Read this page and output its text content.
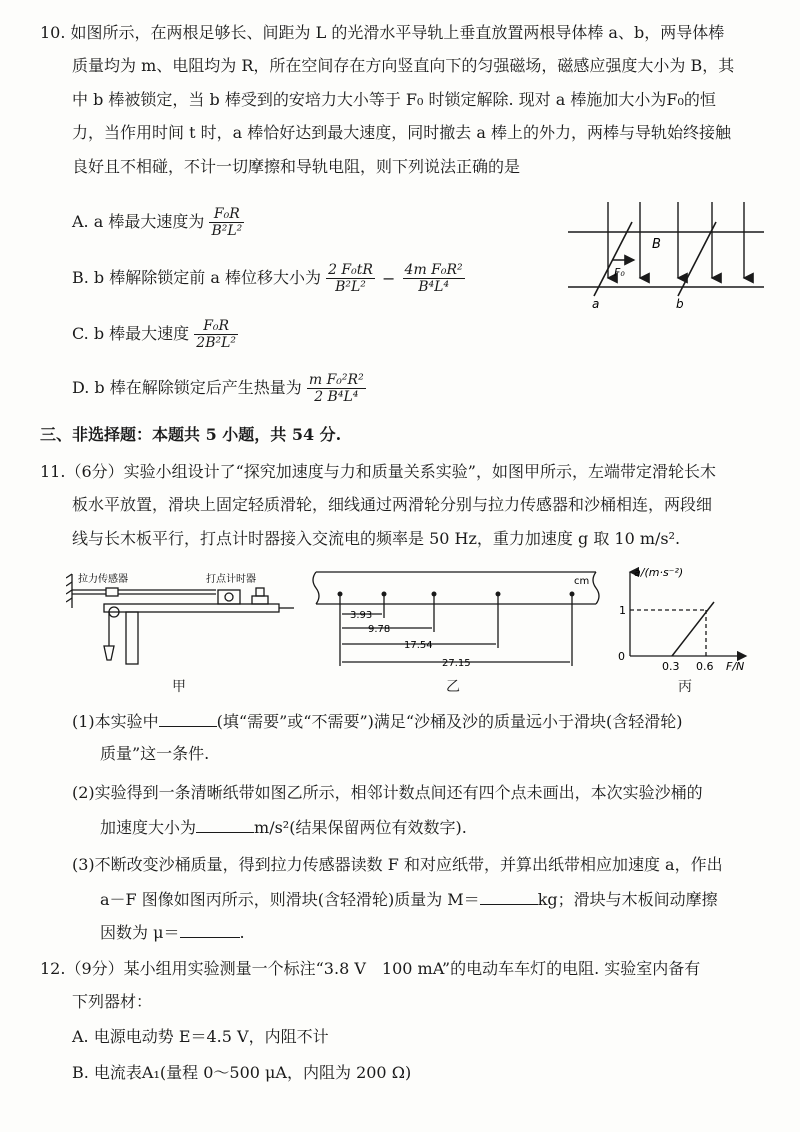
10. 如图所示，在两根足够长、间距为 L 的光滑水平导轨上垂直放置两根导体棒 a、b，两导体棒
质量均为 m、电阻均为 R，所在空间存在方向竖直向下的匀强磁场，磁感应强度大小为 B，其
中 b 棒被锁定，当 b 棒受到的安培力大小等于 F₀ 时锁定解除. 现对 a 棒施加大小为F₀的恒
力，当作用时间 t 时，a 棒恰好达到最大速度，同时撤去 a 棒上的外力，两棒与导轨始终接触
良好且不相碰，不计一切摩擦和导轨电阻，则下列说法正确的是
A. a 棒最大速度为 $\frac{\text{F₀R}}{\text{B²L²}}$
B. b 棒解除锁定前 a 棒位移大小为 $\frac{\text{2 F₀tR}}{\text{B²L²}} - \frac{\text{4m F₀R²}}{\text{B⁴L⁴}}$
C. b 棒最大速度 $\frac{\text{F₀R}}{\text{2B²L²}}$
D. b 棒在解除锁定后产生热量为 $\frac{\text{m F₀²R²}}{\text{2 B⁴L⁴}}$
B
F₀
a	b
三、非选择题：本题共 5 小题，共 54 分.
11.（6分）实验小组设计了“探究加速度与力和质量关系实验”，如图甲所示，左端带定滑轮长木
板水平放置，滑块上固定轻质滑轮，细线通过两滑轮分别与拉力传感器和沙桶相连，两段细
线与长木板平行，打点计时器接入交流电的频率是 50 Hz，重力加速度 g 取 10 m/s².
拉力传感器	打点计时器
甲
cm
3.93
9.78
17.54
27.15
乙
a/(m·s⁻²)
1
0
0.3 0.6 F/N
丙
(1)本实验中	(填“需要”或“不需要”)满足“沙桶及沙的质量远小于滑块(含轻滑轮)
质量”这一条件.
(2)实验得到一条清晰纸带如图乙所示，相邻计数点间还有四个点未画出，本次实验沙桶的
加速度大小为	m/s²(结果保留两位有效数字).
(3)不断改变沙桶质量，得到拉力传感器读数 F 和对应纸带，并算出纸带相应加速度 a，作出
a－F 图像如图丙所示，则滑块(含轻滑轮)质量为 M＝	kg；滑块与木板间动摩擦
因数为 μ＝	.
12.（9分）某小组用实验测量一个标注“3.8 V　100 mA”的电动车车灯的电阻. 实验室内备有
下列器材：
A. 电源电动势 E＝4.5 V，内阻不计
B. 电流表A₁(量程 0～500 μA，内阻为 200 Ω)
